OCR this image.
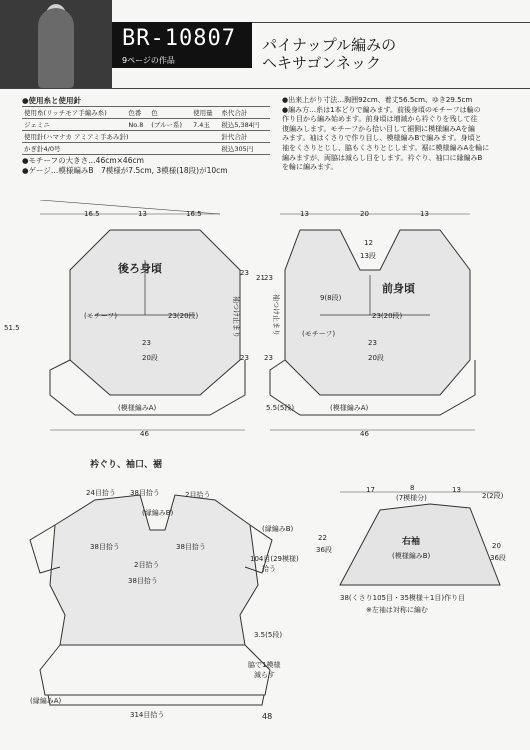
BR-10807
9ページの作品
パイナップル編みの
ヘキサゴンネック
●使用糸と使用針
使用糸(リッチモア手編み糸)	色番	色	使用量	糸代合計
ジェミニ	No.8	(ブルー系)	7.4玉	税込5,384円
使用針(ハマナカ アミアミ手あみ針)				針代合計
かぎ針4/0号				税込305円
●モチーフの大きさ…46cm×46cm
●ゲージ…模様編みB　7模様が7.5cm, 3模様(18段)が10cm
●出来上がり寸法…胸囲92cm、着丈56.5cm、ゆき29.5cm
●編み方…糸は1本どりで編みます。前後身頃のモチーフは輪の
作り目から編み始めます。前身頃は増減から衿ぐりを残して往
復編みします。モチーフから拾い目して裾側に模様編みAを編
みます。袖はくさりで作り目し、模様編みBで編みます。身頃と
袖をくさりとじし、脇もくさりとじします。裾に模様編みAを輪に
編みますが、両脇は減らし目をします。衿ぐり、袖口に縁編みB
を輪に編みます。
16.5	13	16.5
後ろ身頃
(モチーフ)	23(20段)
23
20段
23
21
袖つけ止まり
23
51.5
(模様編みA)
46
13	20	13
前身頃
12
13段
9(8段)
(モチーフ)
23(20段)
23
20段
23
袖つけ止まり
23
5.5(5段)	(模様編みA)
46
衿ぐり、袖口、裾
24目拾う 38目拾う	2目拾う
(縁編みB)
38目拾う	38目拾う
2目拾う
38目拾う
(縁編みB)
104目(29模様)
拾う
3.5(5段)
脇で1模様
減らす
(縁編みA)
314目拾う
17	8
(7模様分)
13
2(2段)
右袖
(模様編みB)
22
36段	20
36段
38(くさり105目・35模様＋1目)作り目
※左袖は対称に編む
48
